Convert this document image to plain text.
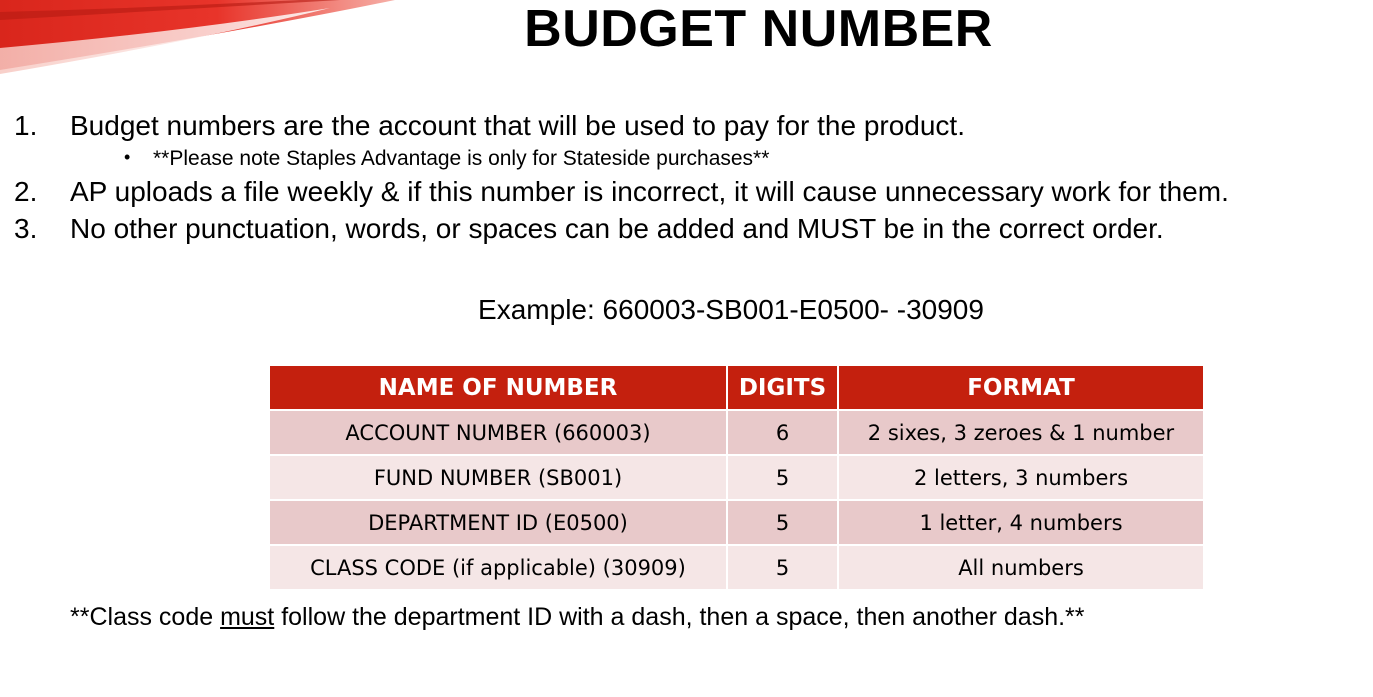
BUDGET NUMBER
1. Budget numbers are the account that will be used to pay for the product.
• **Please note Staples Advantage is only for Stateside purchases**
2. AP uploads a file weekly & if this number is incorrect, it will cause unnecessary work for them.
3. No other punctuation, words, or spaces can be added and MUST be in the correct order.
Example: 660003-SB001-E0500- -30909
NAME OF NUMBER	DIGITS	FORMAT
ACCOUNT NUMBER (660003)	6	2 sixes, 3 zeroes & 1 number
FUND NUMBER (SB001)	5	2 letters, 3 numbers
DEPARTMENT ID (E0500)	5	1 letter, 4 numbers
CLASS CODE (if applicable) (30909)	5	All numbers
**Class code must follow the department ID with a dash, then a space, then another dash.**
